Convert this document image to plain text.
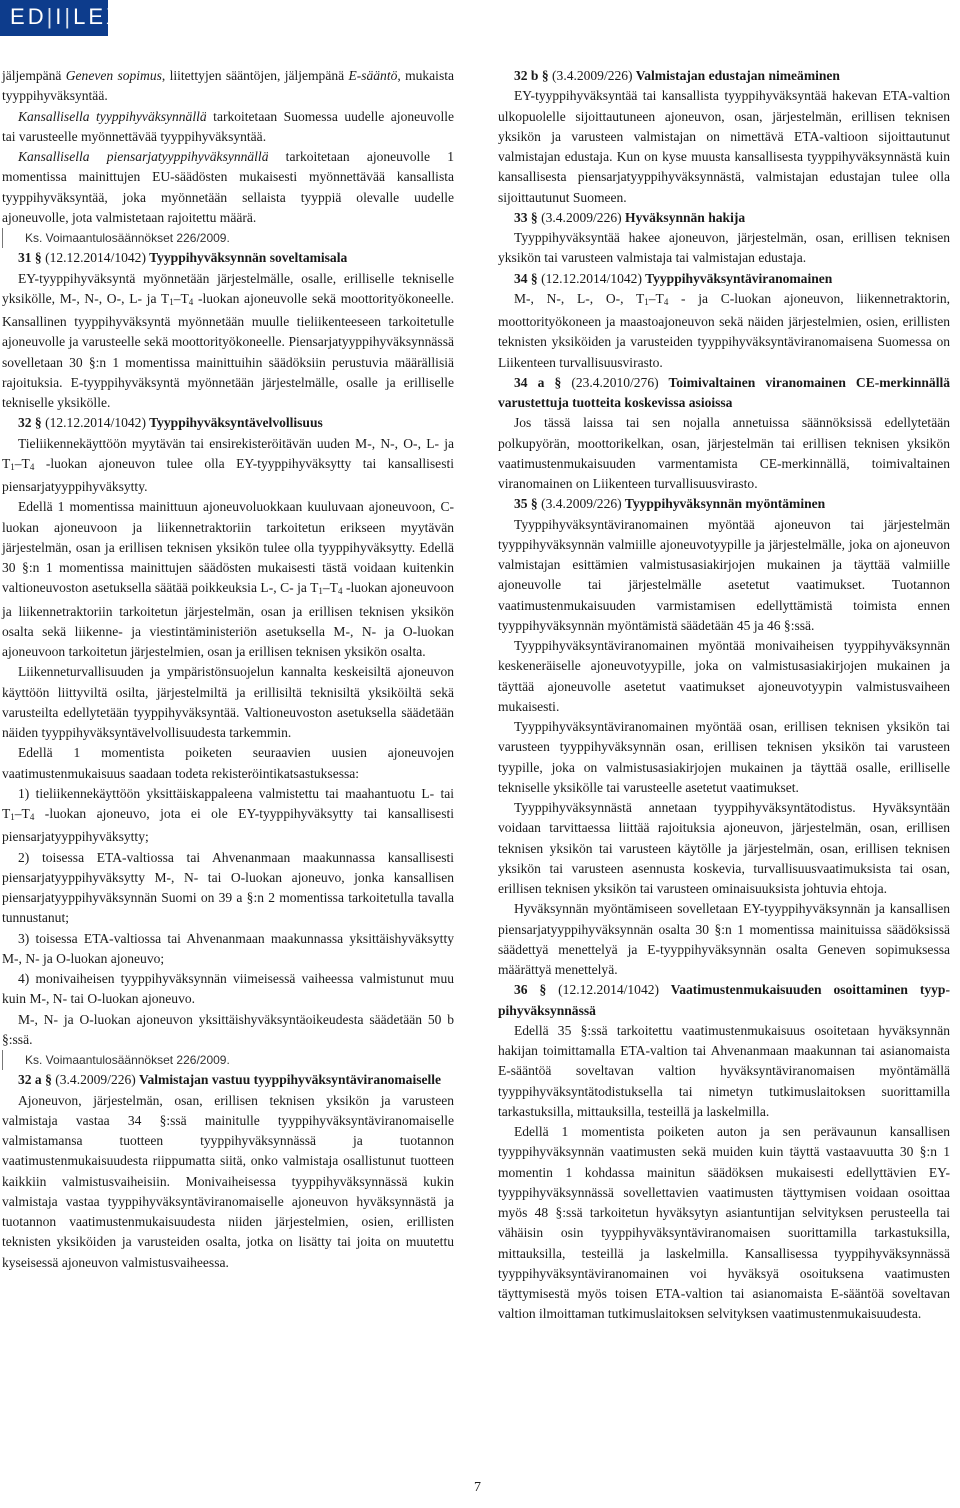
ED|I|LEX

jäljempänä Geneven sopimus, liitettyjen sääntöjen, jäljempänä E-sääntö, mukaista tyyppihyväksyntää.

Kansallisella tyyppihyväksynnällä tarkoitetaan Suomessa uudelle ajoneuvolle tai varusteelle myönnettävää tyyppihyväksyntää.

Kansallisella piensarjatyyppihyväksynnällä tarkoitetaan ajoneuvolle 1 momentissa mainittujen EU-säädösten mukaisesti myönnettävää kansallista tyyppihyväksyntää, joka myönnetään sellaista tyyppiä olevalle uudelle ajoneuvolle, jota valmistetaan rajoitettu määrä.

Ks. Voimaantulosäännökset 226/2009.

31 § (12.12.2014/1042) Tyyppihyväksynnän soveltamisala

EY-tyyppihyväksyntä myönnetään järjestelmälle, osalle, erilliselle tekniselle yksikölle, M-, N-, O-, L- ja $T_1-T_4$ -luokan ajoneuvolle sekä moottorityökoneelle. Kansallinen tyyppihyväksyntä myönnetään muulle tieliikenteeseen tarkoitetulle ajoneuvolle ja varusteelle sekä moottorityökoneelle. Piensarjatyyppihyväksynnässä sovelletaan 30 §:n 1 momentissa mainittuihin säädöksiin perustuvia määrällisiä rajoituksia. E-tyyppihyväksyntä myönnetään järjestelmälle, osalle ja erilliselle tekniselle yksikölle.

32 § (12.12.2014/1042) Tyyppihyväksyntävelvollisuus

Tieliikennekäyttöön myytävän tai ensirekisteröitävän uuden M-, N-, O-, L- ja $T_1-T_4$ -luokan ajoneuvon tulee olla EY-tyyppihyväksytty tai kansallisesti piensarjatyyppihyväksytty.

Edellä 1 momentissa mainittuun ajoneuvoluokkaan kuuluvaan ajoneuvoon, C-luokan ajoneuvoon ja liikennetraktoriin tarkoitetun erikseen myytävän järjestelmän, osan ja erillisen teknisen yksikön tulee olla tyyppihyväksytty. Edellä 30 §:n 1 momentissa mainittujen säädösten mukaisesti tästä voidaan kuitenkin valtioneuvoston asetuksella säätää poikkeuksia L-, C- ja $T_1-T_4$ -luokan ajoneuvoon ja liikennetraktoriin tarkoitetun järjestelmän, osan ja erillisen teknisen yksikön osalta sekä liikenne- ja viestintäministeriön asetuksella M-, N- ja O-luokan ajoneuvoon tarkoitetun järjestelmien, osan ja erillisen teknisen yksikön osalta.

Liikenneturvallisuuden ja ympäristönsuojelun kannalta keskeisiltä ajoneuvon käyttöön liittyviltä osilta, järjestelmiltä ja erillisiltä teknisiltä yksiköiltä sekä varusteilta edellytetään tyyppihyväksyntää. Valtioneuvoston asetuksella säädetään näiden tyyppihyväksyntävelvollisuudesta tarkemmin.

Edellä 1 momentista poiketen seuraavien uusien ajoneuvojen vaatimustenmukaisuus saadaan todeta rekisteröintikatsastuksessa:

1) tieliikennekäyttöön yksittäiskappaleena valmistettu tai maahantuotu L- tai $T_1-T_4$ -luokan ajoneuvo, jota ei ole EY-tyyppihyväksytty tai kansallisesti piensarjatyyppihyväksytty;

2) toisessa ETA-valtiossa tai Ahvenanmaan maakunnassa kansallisesti piensarjatyyppihyväksytty M-, N- tai O-luokan ajoneuvo, jonka kansallisen piensarjatyyppihyväksynnän Suomi on 39 a §:n 2 momentissa tarkoitetulla tavalla tunnustanut;

3) toisessa ETA-valtiossa tai Ahvenanmaan maakunnassa yksittäishyväksytty M-, N- ja O-luokan ajoneuvo;

4) monivaiheisen tyyppihyväksynnän viimeisessä vaiheessa valmistunut muu kuin M-, N- tai O-luokan ajoneuvo.

M-, N- ja O-luokan ajoneuvon yksittäishyväksyntäoikeudesta säädetään 50 b §:ssä.

Ks. Voimaantulosäännökset 226/2009.

32 a § (3.4.2009/226) Valmistajan vastuu tyyppihyväksyntäviranomaiselle

Ajoneuvon, järjestelmän, osan, erillisen teknisen yksikön ja varusteen valmistaja vastaa 34 §:ssä mainitulle tyyppihyväksyntäviranomaiselle valmistamansa tuotteen tyyppihyväksynnässä ja tuotannon vaatimustenmukaisuudesta riippumatta siitä, onko valmistaja osallistunut tuotteen kaikkiin valmistusvaiheisiin. Monivaiheisessa tyyppihyväksynnässä kukin valmistaja vastaa tyyppihyväksyntäviranomaiselle ajoneuvon hyväksynnästä ja tuotannon vaatimustenmukaisuudesta niiden järjestelmien, osien, erillisten teknisten yksiköiden ja varusteiden osalta, jotka on lisätty tai joita on muutettu kyseisessä ajoneuvon valmistusvaiheessa.

32 b § (3.4.2009/226) Valmistajan edustajan nimeäminen

EY-tyyppihyväksyntää tai kansallista tyyppihyväksyntää hakevan ETA-valtion ulkopuolelle sijoittautuneen ajoneuvon, osan, järjestelmän, erillisen teknisen yksikön ja varusteen valmistajan on nimettävä ETA-valtioon sijoittautunut valmistajan edustaja. Kun on kyse muusta kansallisesta tyyppihyväksynnästä kuin kansallisesta piensarjatyyppihyväksynnästä, valmistajan edustajan tulee olla sijoittautunut Suomeen.

33 § (3.4.2009/226) Hyväksynnän hakija

Tyyppihyväksyntää hakee ajoneuvon, järjestelmän, osan, erillisen teknisen yksikön tai varusteen valmistaja tai valmistajan edustaja.

34 § (12.12.2014/1042) Tyyppihyväksyntäviranomainen

M-, N-, L-, O-, $T_1-T_4$ - ja C-luokan ajoneuvon, liikennetraktorin, moottorityökoneen ja maastoajoneuvon sekä näiden järjestelmien, osien, erillisten teknisten yksiköiden ja varusteiden tyyppihyväksyntäviranomaisena Suomessa on Liikenteen turvallisuusvirasto.

34 a § (23.4.2010/276) Toimivaltainen viranomainen CE-merkinnällä varustettuja tuotteita koskevissa asioissa

Jos tässä laissa tai sen nojalla annetuissa säännöksissä edellytetään polkupyörän, moottorikelkan, osan, järjestelmän tai erillisen teknisen yksikön vaatimustenmukaisuuden varmentamista CE-merkinnällä, toimivaltainen viranomainen on Liikenteen turvallisuusvirasto.

35 § (3.4.2009/226) Tyyppihyväksynnän myöntäminen

Tyyppihyväksyntäviranomainen myöntää ajoneuvon tai järjestelmän tyyppihyväksynnän valmiille ajoneuvotyypille ja järjestelmälle, joka on ajoneuvon valmistajan esittämien valmistusasiakirjojen mukainen ja täyttää valmiille ajoneuvolle tai järjestelmälle asetetut vaatimukset. Tuotannon vaatimustenmukaisuuden varmistamisen edellyttämistä toimista ennen tyyppihyväksynnän myöntämistä säädetään 45 ja 46 §:ssä.

Tyyppihyväksyntäviranomainen myöntää monivaiheisen tyyppihyväksynnän keskeneräiselle ajoneuvotyypille, joka on valmistusasiakirjojen mukainen ja täyttää ajoneuvolle asetetut vaatimukset ajoneuvotyypin valmistusvaiheen mukaisesti.

Tyyppihyväksyntäviranomainen myöntää osan, erillisen teknisen yksikön tai varusteen tyyppihyväksynnän osan, erillisen teknisen yksikön tai varusteen tyypille, joka on valmistusasiakirjojen mukainen ja täyttää osalle, erilliselle tekniselle yksikölle tai varusteelle asetetut vaatimukset.

Tyyppihyväksynnästä annetaan tyyppihyväksyntätodistus. Hyväksyntään voidaan tarvittaessa liittää rajoituksia ajoneuvon, järjestelmän, osan, erillisen teknisen yksikön tai varusteen käytölle ja järjestelmän, osan, erillisen teknisen yksikön tai varusteen asennusta koskevia, turvallisuusvaatimuksista tai osan, erillisen teknisen yksikön tai varusteen ominaisuuksista johtuvia ehtoja.

Hyväksynnän myöntämiseen sovelletaan EY-tyyppihyväksynnän ja kansallisen piensarjatyyppihyväksynnän osalta 30 §:n 1 momentissa mainituissa säädöksissä säädettyä menettelyä ja E-tyyppihyväksynnän osalta Geneven sopimuksessa määrättyä menettelyä.

36 § (12.12.2014/1042) Vaatimustenmukaisuuden osoittaminen tyyp- pihyväksynnässä

Edellä 35 §:ssä tarkoitettu vaatimustenmukaisuus osoitetaan hyväksynnän hakijan toimittamalla ETA-valtion tai Ahvenanmaan maakunnan tai asianomaista E-sääntöä soveltavan valtion hyväksyntäviranomaisen myöntämällä tyyppihyväksyntätodistuksella tai nimetyn tutkimuslaitoksen suorittamilla tarkastuksilla, mittauksilla, testeillä ja laskelmilla.

Edellä 1 momentista poiketen auton ja sen perävaunun kansallisen tyyppihyväksynnän vaatimusten sekä muiden kuin täyttä vastaavuutta 30 §:n 1 momentin 1 kohdassa mainitun säädöksen mukaisesti edellyttävien EY-tyyppihyväksynnässä sovellettavien vaatimusten täyttymisen voidaan osoittaa myös 48 §:ssä tarkoitetun hyväksytyn asiantuntijan selvityksen perusteella tai vähäisin osin tyyppihyväksyntäviranomaisen suorittamilla tarkastuksilla, mittauksilla, testeillä ja laskelmilla. Kansallisessa tyyppihyväksynnässä tyyppihyväksyntäviranomainen voi hyväksyä osoituksena vaatimusten täyttymisestä myös toisen ETA-valtion tai asianomaista E-sääntöä soveltavan valtion ilmoittaman tutkimuslaitoksen selvityksen vaatimustenmukaisuudesta.

7
